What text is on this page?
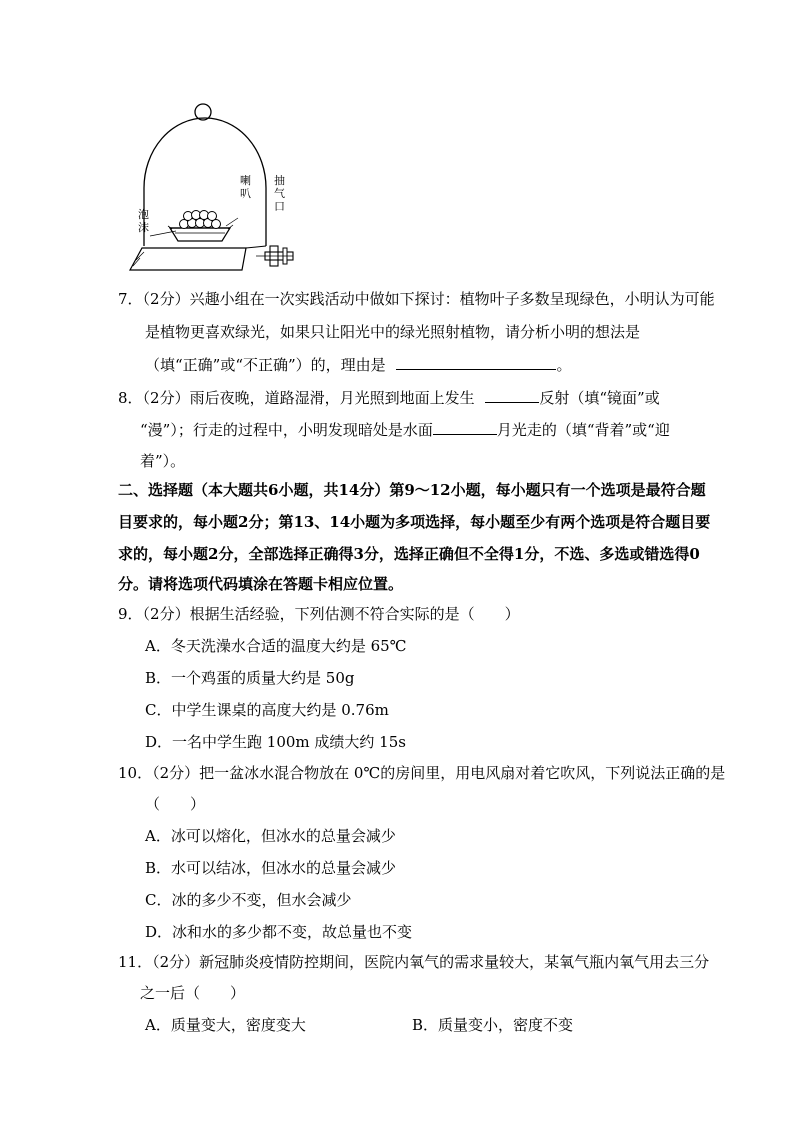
泡沫
喇叭
抽气口
7．（2分）兴趣小组在一次实践活动中做如下探讨：植物叶子多数呈现绿色，小明认为可能
是植物更喜欢绿光，如果只让阳光中的绿光照射植物，请分析小明的想法是
（填“正确”或“不正确”）的，理由是	。
8．（2分）雨后夜晚，道路湿滑，月光照到地面上发生	反射（填“镜面”或
“漫”）；行走的过程中，小明发现暗处是水面	月光走的（填“背着”或“迎
着”）。
二、选择题（本大题共6小题，共14分）第9～12小题，每小题只有一个选项是最符合题
目要求的，每小题2分；第13、14小题为多项选择，每小题至少有两个选项是符合题目要
求的，每小题2分，全部选择正确得3分，选择正确但不全得1分，不选、多选或错选得0
分。请将选项代码填涂在答题卡相应位置。
9．（2分）根据生活经验，下列估测不符合实际的是（　　）
A．冬天洗澡水合适的温度大约是 65℃
B．一个鸡蛋的质量大约是 50g
C．中学生课桌的高度大约是 0.76m
D．一名中学生跑 100m 成绩大约 15s
10．（2分）把一盆冰水混合物放在 0℃的房间里，用电风扇对着它吹风，下列说法正确的是
（　　）
A．冰可以熔化，但冰水的总量会减少
B．水可以结冰，但冰水的总量会减少
C．冰的多少不变，但水会减少
D．冰和水的多少都不变，故总量也不变
11．（2分）新冠肺炎疫情防控期间，医院内氧气的需求量较大，某氧气瓶内氧气用去三分
之一后（　　）
A．质量变大，密度变大	B．质量变小，密度不变
